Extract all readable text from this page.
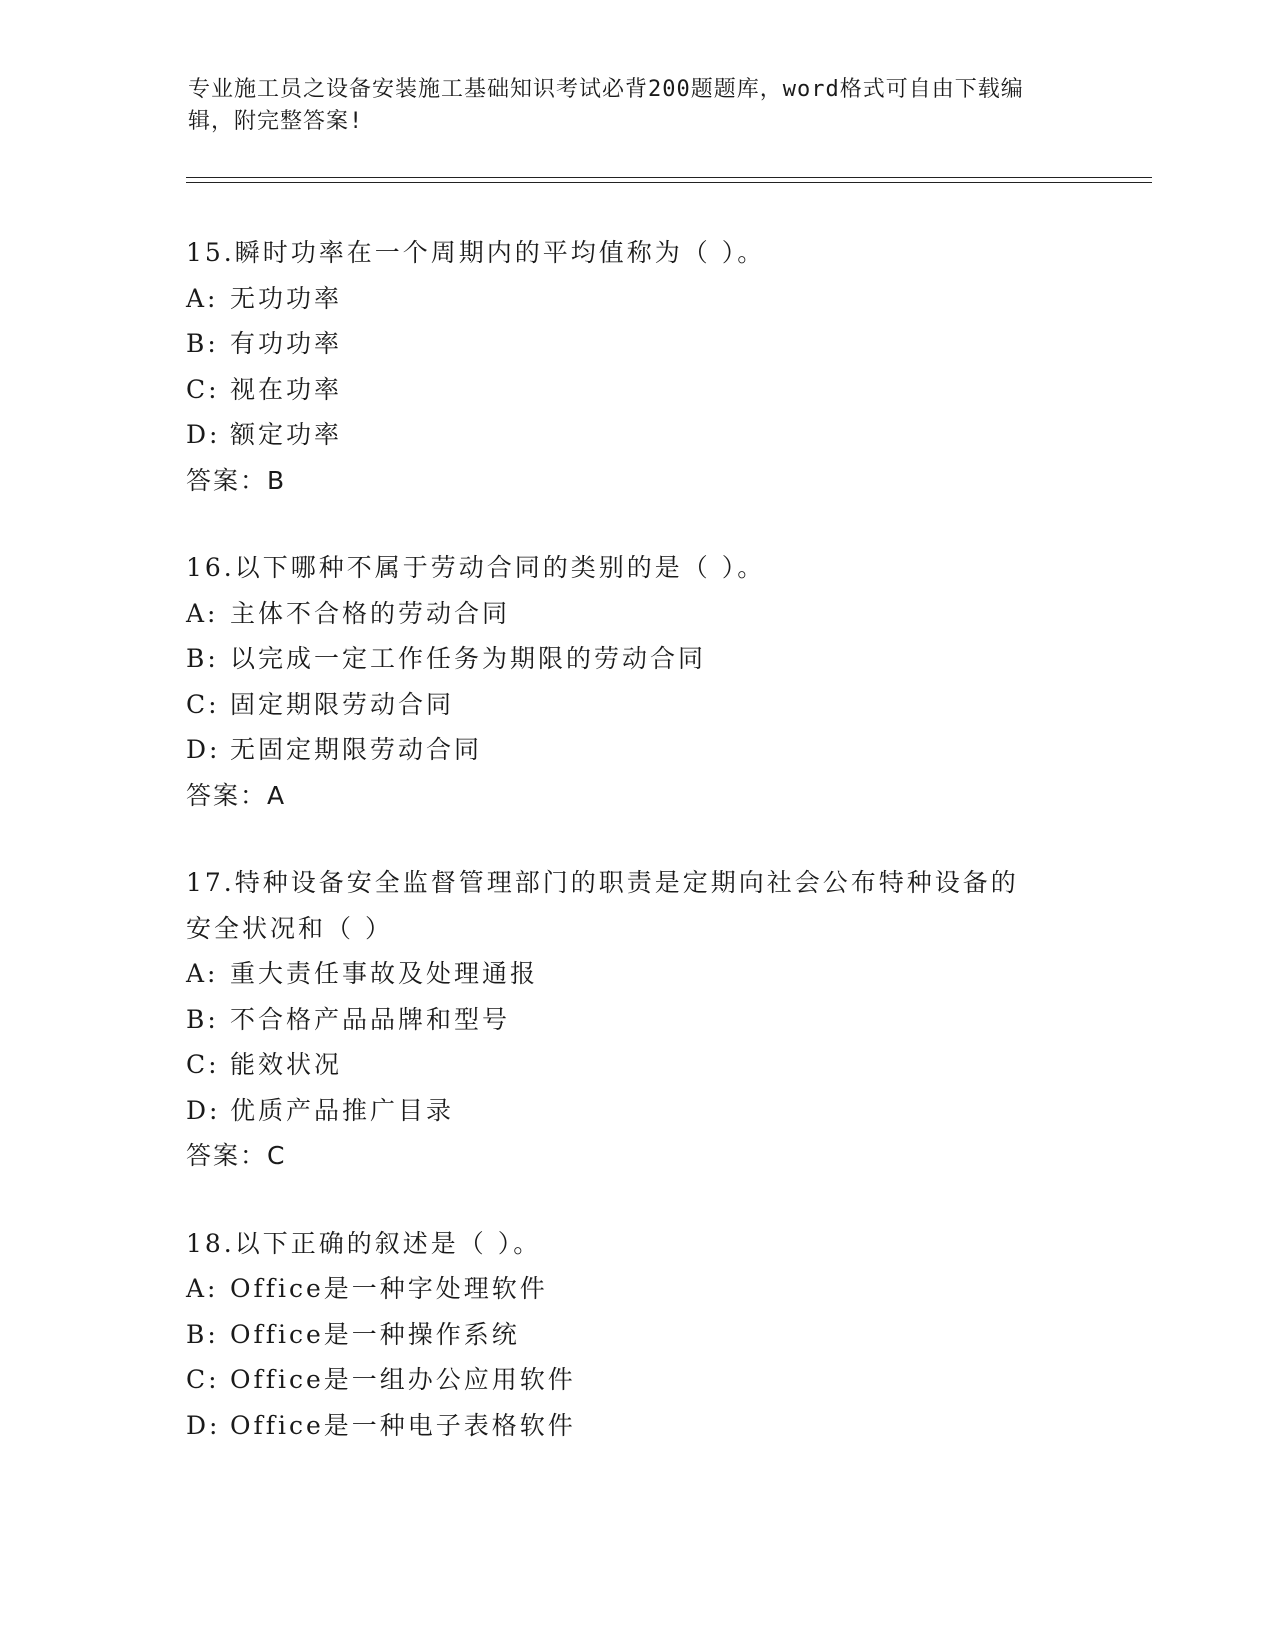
专业施工员之设备安装施工基础知识考试必背200题题库，word格式可自由下载编辑，附完整答案!
15.瞬时功率在一个周期内的平均值称为（ ）。
A: 无功功率
B: 有功功率
C: 视在功率
D: 额定功率
答案：B
16.以下哪种不属于劳动合同的类别的是（ ）。
A: 主体不合格的劳动合同
B: 以完成一定工作任务为期限的劳动合同
C: 固定期限劳动合同
D: 无固定期限劳动合同
答案：A
17.特种设备安全监督管理部门的职责是定期向社会公布特种设备的安全状况和（ ）
A: 重大责任事故及处理通报
B: 不合格产品品牌和型号
C: 能效状况
D: 优质产品推广目录
答案：C
18.以下正确的叙述是（ ）。
A: Office是一种字处理软件
B: Office是一种操作系统
C: Office是一组办公应用软件
D: Office是一种电子表格软件
